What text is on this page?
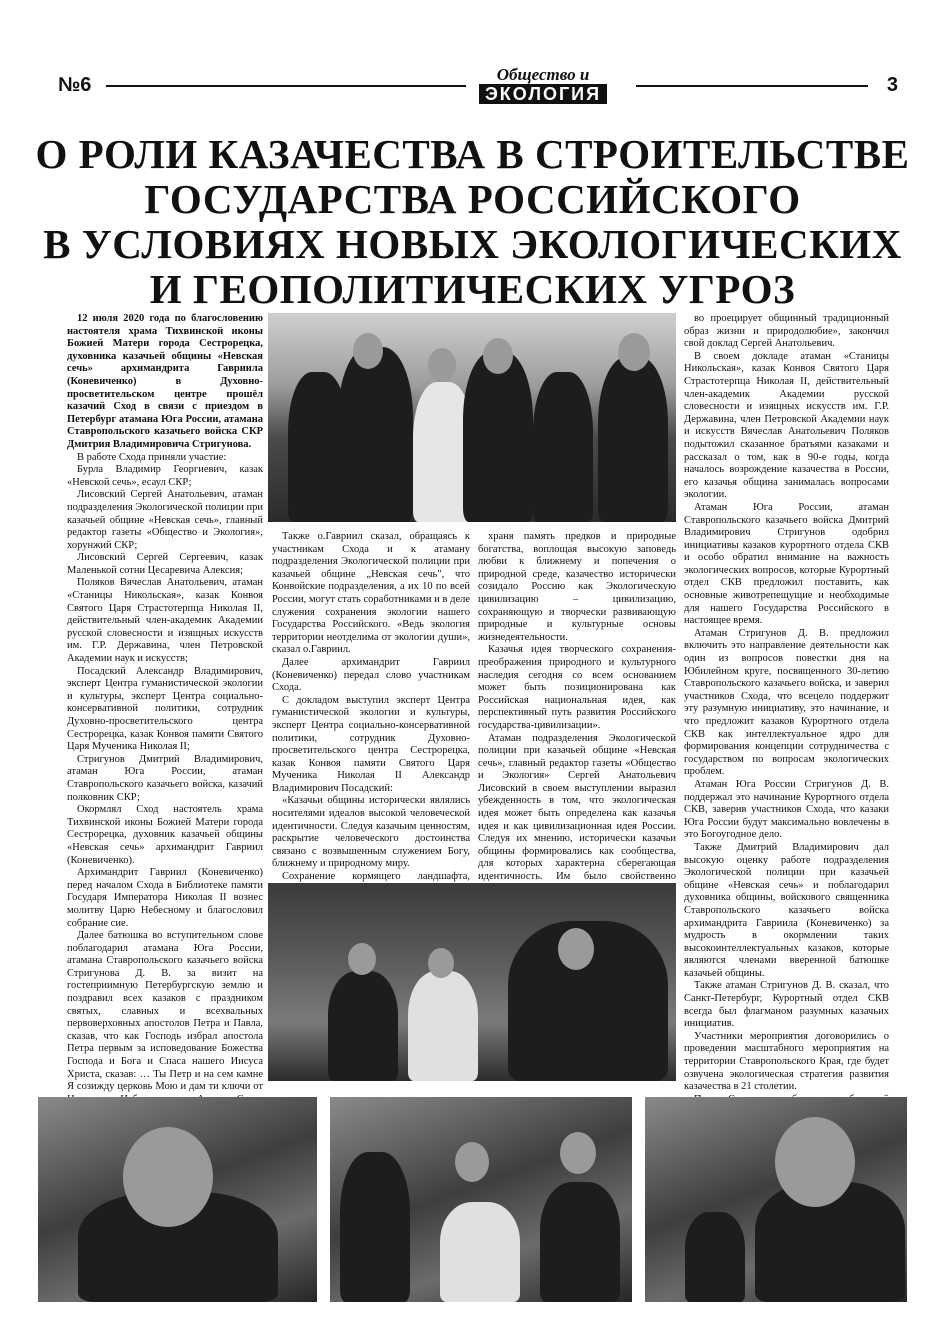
№6	Общество и
ЭКОЛОГИЯ	3
О РОЛИ КАЗАЧЕСТВА В СТРОИТЕЛЬСТВЕ
ГОСУДАРСТВА РОССИЙСКОГО
В УСЛОВИЯХ НОВЫХ ЭКОЛОГИЧЕСКИХ
И ГЕОПОЛИТИЧЕСКИХ УГРОЗ

12 июля 2020 года по благословению настоятеля храма Тихвинской иконы Божией Матери города Сестрорецка, духовника казачьей общины «Невская сечь» архимандрита Гавриила (Коневиченко) в Духовно-просветительском центре прошёл казачий Сход в связи с приездом в Петербург атамана Юга России, атамана Ставропольского казачьего войска СКР Дмитрия Владимировича Стригунова.

В работе Схода приняли участие:

Бурла Владимир Георгиевич, казак «Невской сечь», есаул СКР;

Лисовский Сергей Анатольевич, атаман подразделения Экологической полиции при казачьей общине «Невская сечь», главный редактор газеты «Общество и Экология», хорунжий СКР;

Лисовский Сергей Сергеевич, казак Маленькой сотни Цесаревича Алексия;

Поляков Вячеслав Анатольевич, атаман «Станицы Никольская», казак Конвоя Святого Царя Страстотерпца Николая II, действительный член-академик Академии русской словесности и изящных искусств им. Г.Р. Державина, член Петровской Академии наук и искусств;

Посадский Александр Владимирович, эксперт Центра гуманистической экологии и культуры, эксперт Центра социально-консервативной политики, сотрудник Духовно-просветительского центра Сестрорецка, казак Конвоя памяти Святого Царя Мученика Николая II;

Стригунов Дмитрий Владимирович, атаман Юга России, атаман Ставропольского казачьего войска, казачий полковник СКР;

Окормлял Сход настоятель храма Тихвинской иконы Божией Матери города Сестрорецка, духовник казачьей общины «Невская сечь» архимандрит Гавриил (Коневиченко).

Архимандрит Гавриил (Коневиченко) перед началом Схода в Библиотеке памяти Государя Императора Николая II вознес молитву Царю Небесному и благословил собрание сие.

Далее батюшка во вступительном слове поблагодарил атамана Юга России, атамана Ставропольского казачьего войска Стригунова Д. В. за визит на гостеприимную Петербургскую землю и поздравил всех казаков с праздником святых, славных и всехвальных первоверховных апостолов Петра и Павла, сказав, что как Господь избрал апостола Петра первым за исповедование Божества Господа и Бога и Спаса нашего Иисуса Христа, сказав: … Ты Петр и на сем камне Я созижду церковь Мою и дам ти ключи от

Также о.Гавриил сказал, обращаясь к участникам Схода и к атаману подразделения Экологической полиции при казачьей общине „Невская сечь", что Конвойские подразделения, а их 10 по всей России, могут стать соработниками и в деле служения сохранения экологии нашего Государства Российского. «Ведь экология территории неотделима от экологии души», сказал о.Гавриил.

Далее архимандрит Гавриил (Коневиченко) передал слово участникам Схода.

С докладом выступил эксперт Центра гуманистической экологии и культуры, эксперт Центра социально-консервативной политики, сотрудник Духовно-просветительского центра Сестрорецка, казак Конвоя памяти Святого Царя Мученика Николая II Александр Владимирович Посадский:

«Казачьи общины исторически являлись носителями идеалов высокой человеческой идентичности. Следуя казачьим ценностям, раскрытие человеческого достоинства связано с возвышенным служением Богу, ближнему и природному миру.

Сохранение кормящего ландшафта,

храня память предков и природные богатства, воплощая высокую заповедь любви к ближнему и попечения о природной среде, казачество исторически созидало Россию как Экологическую цивилизацию – цивилизацию, сохраняющую и творчески развивающую природные и культурные основы жизнедеятельности.

Казачья идея творческого сохранения-преображения природного и культурного наследия сегодня со всем основанием может быть позиционирована как Российская национальная идея, как перспективный путь развития Российского государства-цивилизации».

Атаман подразделения Экологической полиции при казачьей общине «Невская сечь», главный редактор газеты «Общество и Экология» Сергей Анатольевич Лисовский в своем выступлении выразил убежденность в том, что экологическая идея может быть определена как казачья идея и как цивилизационная идея России. Следуя их мнению, исторически казачьи общины формировались как сообщества, для которых характерна сберегающая идентичность. Им было свойственно

во проецирует общинный традиционный образ жизни и природолюбие», закончил свой доклад Сергей Анатольевич.

В своем докладе атаман «Станицы Никольская», казак Конвоя Святого Царя Страстотерпца Николая II, действительный член-академик Академии русской словесности и изящных искусств им. Г.Р. Державина, член Петровской Академии наук и искусств Вячеслав Анатольевич Поляков подытожил сказанное братьями казаками и рассказал о том, как в 90-е годы, когда началось возрождение казачества в России, его казачья община занималась вопросами экологии.

Атаман Юга России, атаман Ставропольского казачьего войска Дмитрий Владимирович Стригунов одобрил инициативы казаков курортного отдела СКВ и особо обратил внимание на важность экологических вопросов, которые Курортный отдел СКВ предложил поставить, как основные животрепещущие и необходимые для нашего Государства Российского в настоящее время.

Атаман Стригунов Д. В. предложил включить это направление деятельности как один из вопросов повестки дня на Юбилейном круге, посвященного 30-летию Ставропольского казачьего войска, и заверил участников Схода, что всецело поддержит эту разумную инициативу, это начинание, и что предложит казаков Курортного отдела СКВ как интеллектуальное ядро для формирования концепции сотрудничества с государством по вопросам экологических проблем.

Атаман Юга России Стригунов Д. В. поддержал это начинание Курортного отдела СКВ, заверив участников Схода, что казаки Юга России будут максимально вовлечены в это Богоугодное дело.

Также Дмитрий Владимирович дал высокую оценку работе подразделения Экологической полиции при казачьей общине «Невская сечь» и поблагодарил духовника общины, войскового священника Ставропольского казачьего войска архимандрита Гавриила (Коневиченко) за мудрость в окормлении таких высокоинтеллектуальных казаков, которые являются членами вверенной батюшке казачьей общины.

Также атаман Стригунов Д. В. сказал, что Санкт-Петербург, Курортный отдел СКВ всегда был флагманом разумных казачьих инициатив.

Участники мероприятия договорились о проведении масштабного мероприятия на территории Ставропольского Края, где будет озвучена экологическая стратегия развития казачества в 21 столетии.
